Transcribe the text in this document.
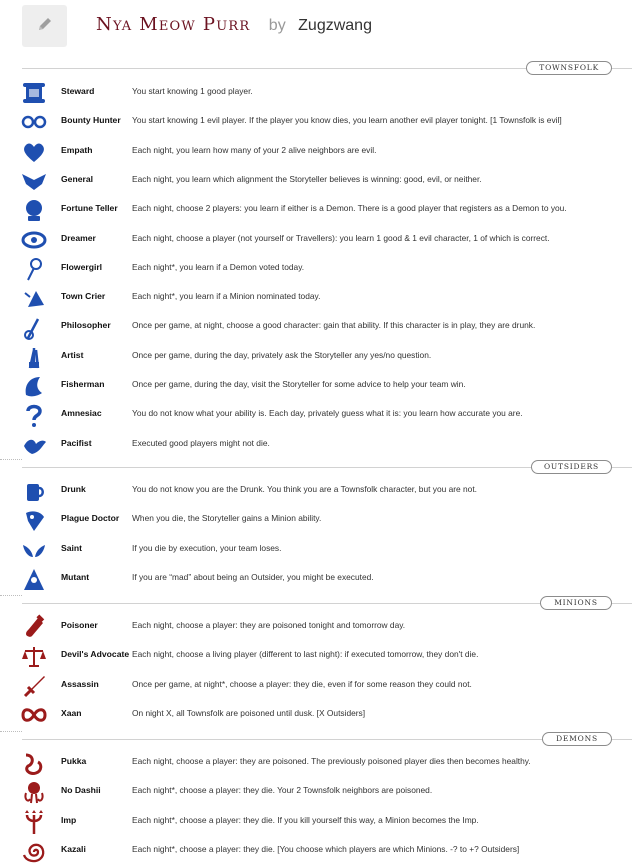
Nya Meow Purr by Zugzwang
TOWNSFOLK
Steward	You start knowing 1 good player.
Bounty Hunter You start knowing 1 evil player. If the player you know dies, you learn another evil player tonight. [1 Townsfolk is evil]
Empath	Each night, you learn how many of your 2 alive neighbors are evil.
General	Each night, you learn which alignment the Storyteller believes is winning: good, evil, or neither.
Fortune Teller Each night, choose 2 players: you learn if either is a Demon. There is a good player that registers as a Demon to you.
Dreamer	Each night, choose a player (not yourself or Travellers): you learn 1 good & 1 evil character, 1 of which is correct.
Flowergirl	Each night*, you learn if a Demon voted today.
Town Crier	Each night*, you learn if a Minion nominated today.
Philosopher	Once per game, at night, choose a good character: gain that ability. If this character is in play, they are drunk.
Artist	Once per game, during the day, privately ask the Storyteller any yes/no question.
Fisherman	Once per game, during the day, visit the Storyteller for some advice to help your team win.
Amnesiac	You do not know what your ability is. Each day, privately guess what it is: you learn how accurate you are.
Pacifist	Executed good players might not die.
OUTSIDERS
Drunk	You do not know you are the Drunk. You think you are a Townsfolk character, but you are not.
Plague Doctor When you die, the Storyteller gains a Minion ability.
Saint	If you die by execution, your team loses.
Mutant	If you are “mad” about being an Outsider, you might be executed.
MINIONS
Poisoner	Each night, choose a player: they are poisoned tonight and tomorrow day.
Devil's Advocate Each night, choose a living player (different to last night): if executed tomorrow, they don't die.
Assassin	Once per game, at night*, choose a player: they die, even if for some reason they could not.
Xaan	On night X, all Townsfolk are poisoned until dusk. [X Outsiders]
DEMONS
Pukka	Each night, choose a player: they are poisoned. The previously poisoned player dies then becomes healthy.
No Dashii	Each night*, choose a player: they die. Your 2 Townsfolk neighbors are poisoned.
Imp	Each night*, choose a player: they die. If you kill yourself this way, a Minion becomes the Imp.
Kazali	Each night*, choose a player: they die. [You choose which players are which Minions. -? to +? Outsiders]
